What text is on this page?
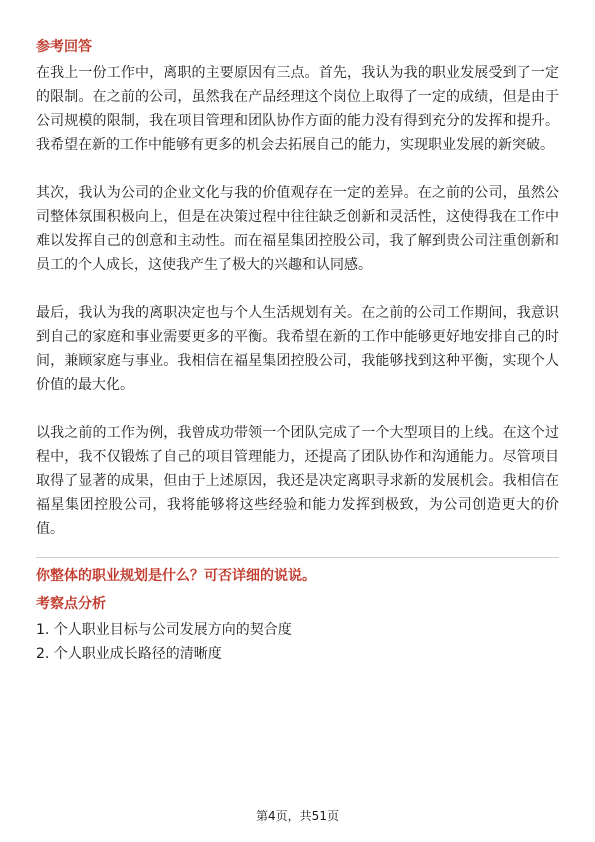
参考回答

在我上一份工作中，离职的主要原因有三点。首先，我认为我的职业发展受到了一定的限制。在之前的公司，虽然我在产品经理这个岗位上取得了一定的成绩，但是由于公司规模的限制，我在项目管理和团队协作方面的能力没有得到充分的发挥和提升。我希望在新的工作中能够有更多的机会去拓展自己的能力，实现职业发展的新突破。

其次，我认为公司的企业文化与我的价值观存在一定的差异。在之前的公司，虽然公司整体氛围积极向上，但是在决策过程中往往缺乏创新和灵活性，这使得我在工作中难以发挥自己的创意和主动性。而在福星集团控股公司，我了解到贵公司注重创新和员工的个人成长，这使我产生了极大的兴趣和认同感。

最后，我认为我的离职决定也与个人生活规划有关。在之前的公司工作期间，我意识到自己的家庭和事业需要更多的平衡。我希望在新的工作中能够更好地安排自己的时间，兼顾家庭与事业。我相信在福星集团控股公司，我能够找到这种平衡，实现个人价值的最大化。

以我之前的工作为例，我曾成功带领一个团队完成了一个大型项目的上线。在这个过程中，我不仅锻炼了自己的项目管理能力，还提高了团队协作和沟通能力。尽管项目取得了显著的成果，但由于上述原因，我还是决定离职寻求新的发展机会。我相信在福星集团控股公司，我将能够将这些经验和能力发挥到极致，为公司创造更大的价值。

你整体的职业规划是什么？可否详细的说说。
考察点分析

1. 个人职业目标与公司发展方向的契合度

2. 个人职业成长路径的清晰度

第4页，共51页
